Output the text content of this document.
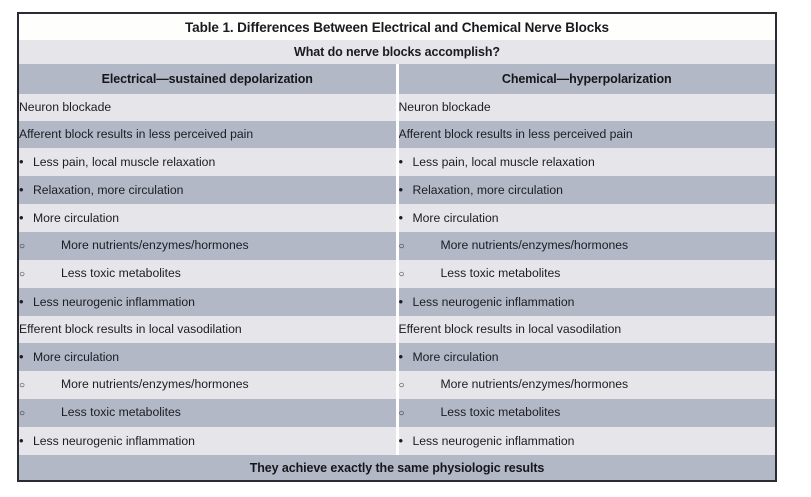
Table 1. Differences Between Electrical and Chemical Nerve Blocks	
What do nerve blocks accomplish?	
Electrical—sustained depolarization	Chemical—hyperpolarization
Neuron blockade	Neuron blockade
Afferent block results in less perceived pain	Afferent block results in less perceived pain
• Less pain, local muscle relaxation	• Less pain, local muscle relaxation
• Relaxation, more circulation	• Relaxation, more circulation
• More circulation	• More circulation
○ More nutrients/enzymes/hormones	○ More nutrients/enzymes/hormones
○ Less toxic metabolites	○ Less toxic metabolites
• Less neurogenic inflammation	• Less neurogenic inflammation
Efferent block results in local vasodilation	Efferent block results in local vasodilation
• More circulation	• More circulation
○ More nutrients/enzymes/hormones	○ More nutrients/enzymes/hormones
○ Less toxic metabolites	○ Less toxic metabolites
• Less neurogenic inflammation	• Less neurogenic inflammation
They achieve exactly the same physiologic results	
